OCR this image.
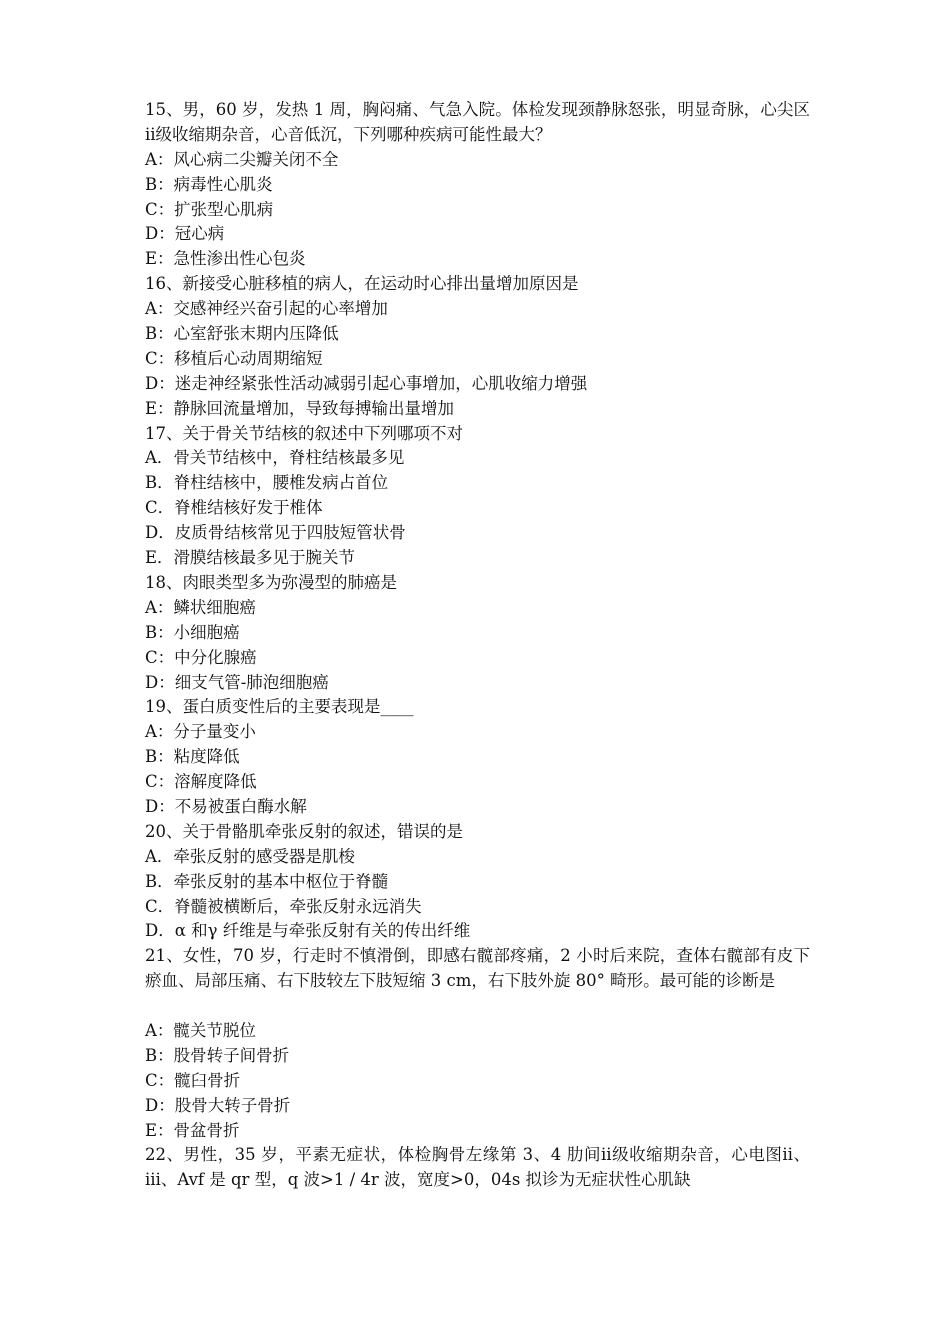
15、男，60 岁，发热 1 周，胸闷痛、气急入院。体检发现颈静脉怒张，明显奇脉，心尖区ⅱ级收缩期杂音，心音低沉，下列哪种疾病可能性最大？
A：风心病二尖瓣关闭不全
B：病毒性心肌炎
C：扩张型心肌病
D：冠心病
E：急性渗出性心包炎
16、新接受心脏移植的病人，在运动时心排出量增加原因是
A：交感神经兴奋引起的心率增加
B：心室舒张末期内压降低
C：移植后心动周期缩短
D：迷走神经紧张性活动减弱引起心事增加，心肌收缩力增强
E：静脉回流量增加，导致每搏输出量增加
17、关于骨关节结核的叙述中下列哪项不对
A．骨关节结核中，脊柱结核最多见
B．脊柱结核中，腰椎发病占首位
C．脊椎结核好发于椎体
D．皮质骨结核常见于四肢短管状骨
E．滑膜结核最多见于腕关节
18、肉眼类型多为弥漫型的肺癌是
A：鳞状细胞癌
B：小细胞癌
C：中分化腺癌
D：细支气管-肺泡细胞癌
19、蛋白质变性后的主要表现是____
A：分子量变小
B：粘度降低
C：溶解度降低
D：不易被蛋白酶水解
20、关于骨骼肌牵张反射的叙述，错误的是
A．牵张反射的感受器是肌梭
B．牵张反射的基本中枢位于脊髓
C．脊髓被横断后，牵张反射永远消失
D．α 和γ 纤维是与牵张反射有关的传出纤维
21、女性，70 岁，行走时不慎滑倒，即感右髋部疼痛，2 小时后来院，查体右髋部有皮下瘀血、局部压痛、右下肢较左下肢短缩 3 cm，右下肢外旋 80° 畸形。最可能的诊断是
A：髋关节脱位
B：股骨转子间骨折
C：髋臼骨折
D：股骨大转子骨折
E：骨盆骨折
22、男性，35 岁，平素无症状，体检胸骨左缘第 3、4 肋间ⅱ级收缩期杂音，心电图ⅱ、ⅲ、Avf 是 qr 型，q 波>1 / 4r 波，宽度>0，04s 拟诊为无症状性心肌缺
